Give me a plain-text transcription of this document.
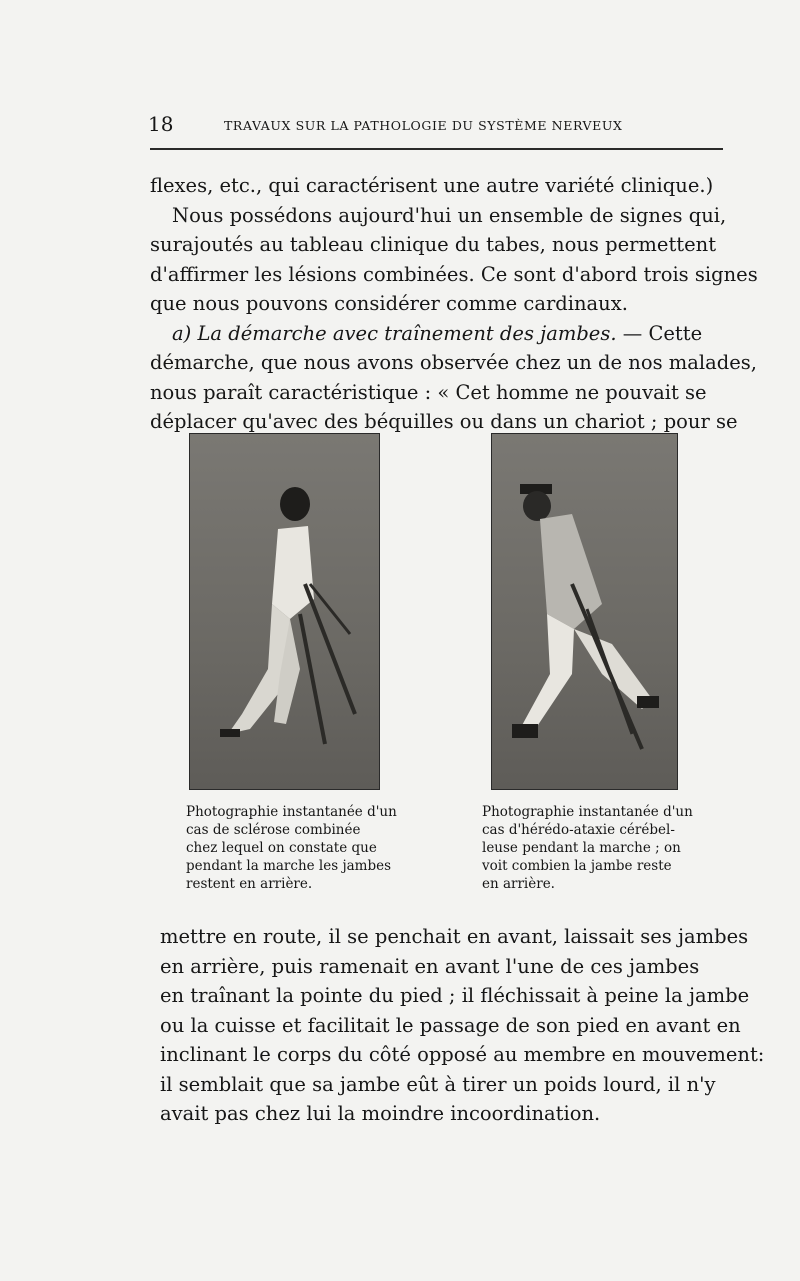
18	TRAVAUX SUR LA PATHOLOGIE DU SYSTÈME NERVEUX

flexes, etc., qui caractérisent une autre variété clinique.)
Nous possédons aujourd'hui un ensemble de signes qui,
surajoutés au tableau clinique du tabes, nous permettent
d'affirmer les lésions combinées. Ce sont d'abord trois signes
que nous pouvons considérer comme cardinaux.
a) La démarche avec traînement des jambes. — Cette
démarche, que nous avons observée chez un de nos malades,
nous paraît caractéristique : « Cet homme ne pouvait se
déplacer qu'avec des béquilles ou dans un chariot ; pour se

Photographie instantanée d'un
cas de sclérose combinée
chez lequel on constate que
pendant la marche les jambes
restent en arrière.

Photographie instantanée d'un
cas d'hérédo-ataxie cérébel-
leuse pendant la marche ; on
voit combien la jambe reste
en arrière.

mettre en route, il se penchait en avant, laissait ses jambes
en arrière, puis ramenait en avant l'une de ces jambes
en traînant la pointe du pied ; il fléchissait à peine la jambe
ou la cuisse et facilitait le passage de son pied en avant en
inclinant le corps du côté opposé au membre en mouvement:
il semblait que sa jambe eût à tirer un poids lourd, il n'y
avait pas chez lui la moindre incoordination.
